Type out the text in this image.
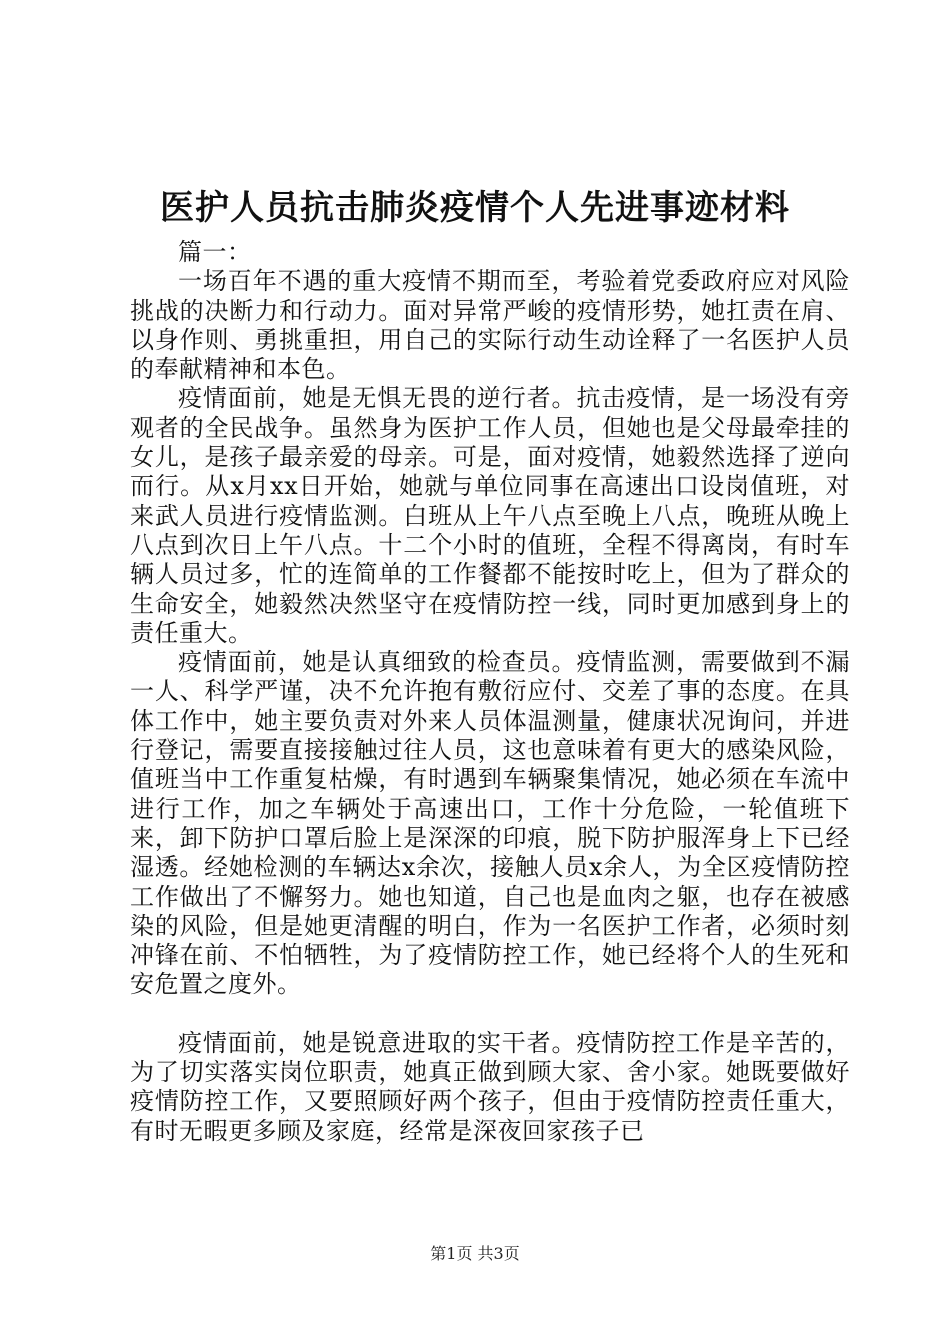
医护人员抗击肺炎疫情个人先进事迹材料

篇一：

一场百年不遇的重大疫情不期而至，考验着党委政府应对风险挑战的决断力和行动力。面对异常严峻的疫情形势，她扛责在肩、以身作则、勇挑重担，用自己的实际行动生动诠释了一名医护人员的奉献精神和本色。

疫情面前，她是无惧无畏的逆行者。抗击疫情，是一场没有旁观者的全民战争。虽然身为医护工作人员，但她也是父母最牵挂的女儿，是孩子最亲爱的母亲。可是，面对疫情，她毅然选择了逆向而行。从x月xx日开始，她就与单位同事在高速出口设岗值班，对来武人员进行疫情监测。白班从上午八点至晚上八点，晚班从晚上八点到次日上午八点。十二个小时的值班，全程不得离岗，有时车辆人员过多，忙的连简单的工作餐都不能按时吃上，但为了群众的生命安全，她毅然决然坚守在疫情防控一线，同时更加感到身上的责任重大。

疫情面前，她是认真细致的检查员。疫情监测，需要做到不漏一人、科学严谨，决不允许抱有敷衍应付、交差了事的态度。在具体工作中，她主要负责对外来人员体温测量，健康状况询问，并进行登记，需要直接接触过往人员，这也意味着有更大的感染风险，值班当中工作重复枯燥，有时遇到车辆聚集情况，她必须在车流中进行工作，加之车辆处于高速出口，工作十分危险，一轮值班下来，卸下防护口罩后脸上是深深的印痕，脱下防护服浑身上下已经湿透。经她检测的车辆达x余次，接触人员x余人，为全区疫情防控工作做出了不懈努力。她也知道，自己也是血肉之躯，也存在被感染的风险，但是她更清醒的明白，作为一名医护工作者，必须时刻冲锋在前、不怕牺牲，为了疫情防控工作，她已经将个人的生死和安危置之度外。

疫情面前，她是锐意进取的实干者。疫情防控工作是辛苦的，为了切实落实岗位职责，她真正做到顾大家、舍小家。她既要做好疫情防控工作，又要照顾好两个孩子，但由于疫情防控责任重大，有时无暇更多顾及家庭，经常是深夜回家孩子已

第1页 共3页
